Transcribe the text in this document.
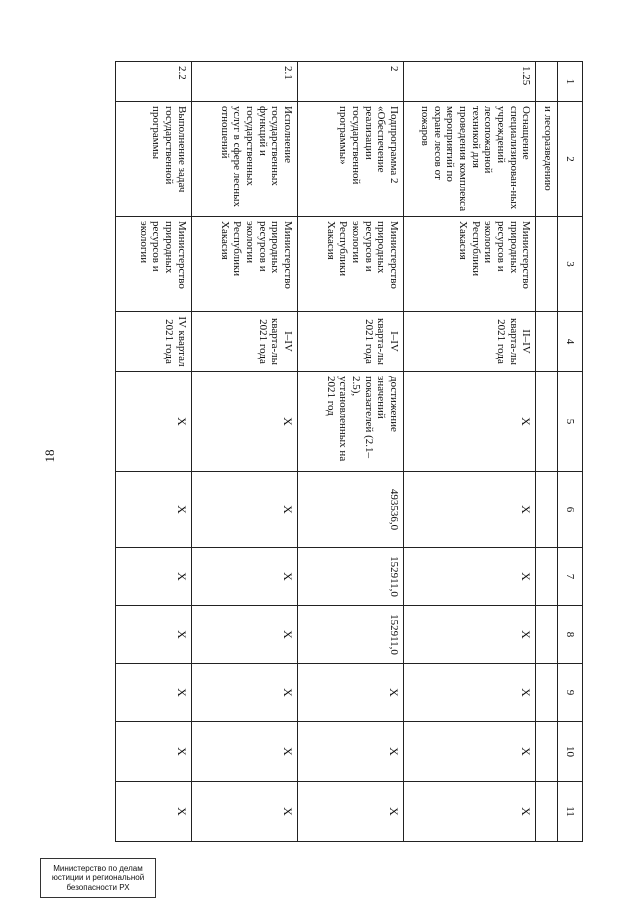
18
1	2	3	4	5	6	7	8	9	10	11
	и лесоразведению									
1.25	Оснащение специализирован-ных учреждений лесопожарной техникой для проведения комплекса мероприятий по охране лесов от пожаров	Министерство природных ресурсов и экологии Республики Хакасия	II–IV кварта-лы 2021 года	Х	Х	Х	Х	Х	Х	Х
2	Подпрограмма 2 «Обеспечение реализации государственной программы»	Министерство природных ресурсов и экологии Республики Хакасия	I–IV кварта-лы 2021 года	достижение значений показателей (2.1–2.5), установленных на 2021 год	493536,0	152911,0	152911,0	Х	Х	Х
2.1	Исполнение государственных функций и государственных услуг в сфере лесных отношений	Министерство природных ресурсов и экологии Республики Хакасия	I–IV кварта-лы 2021 года	Х	Х	Х	Х	Х	Х	Х
2.2	Выполнение задач государственной программы	Министерство природных ресурсов и экологии	IV квартал 2021 года	Х	Х	Х	Х	Х	Х	Х
Министерство по делам
юстиции и региональной
безопасности РХ
